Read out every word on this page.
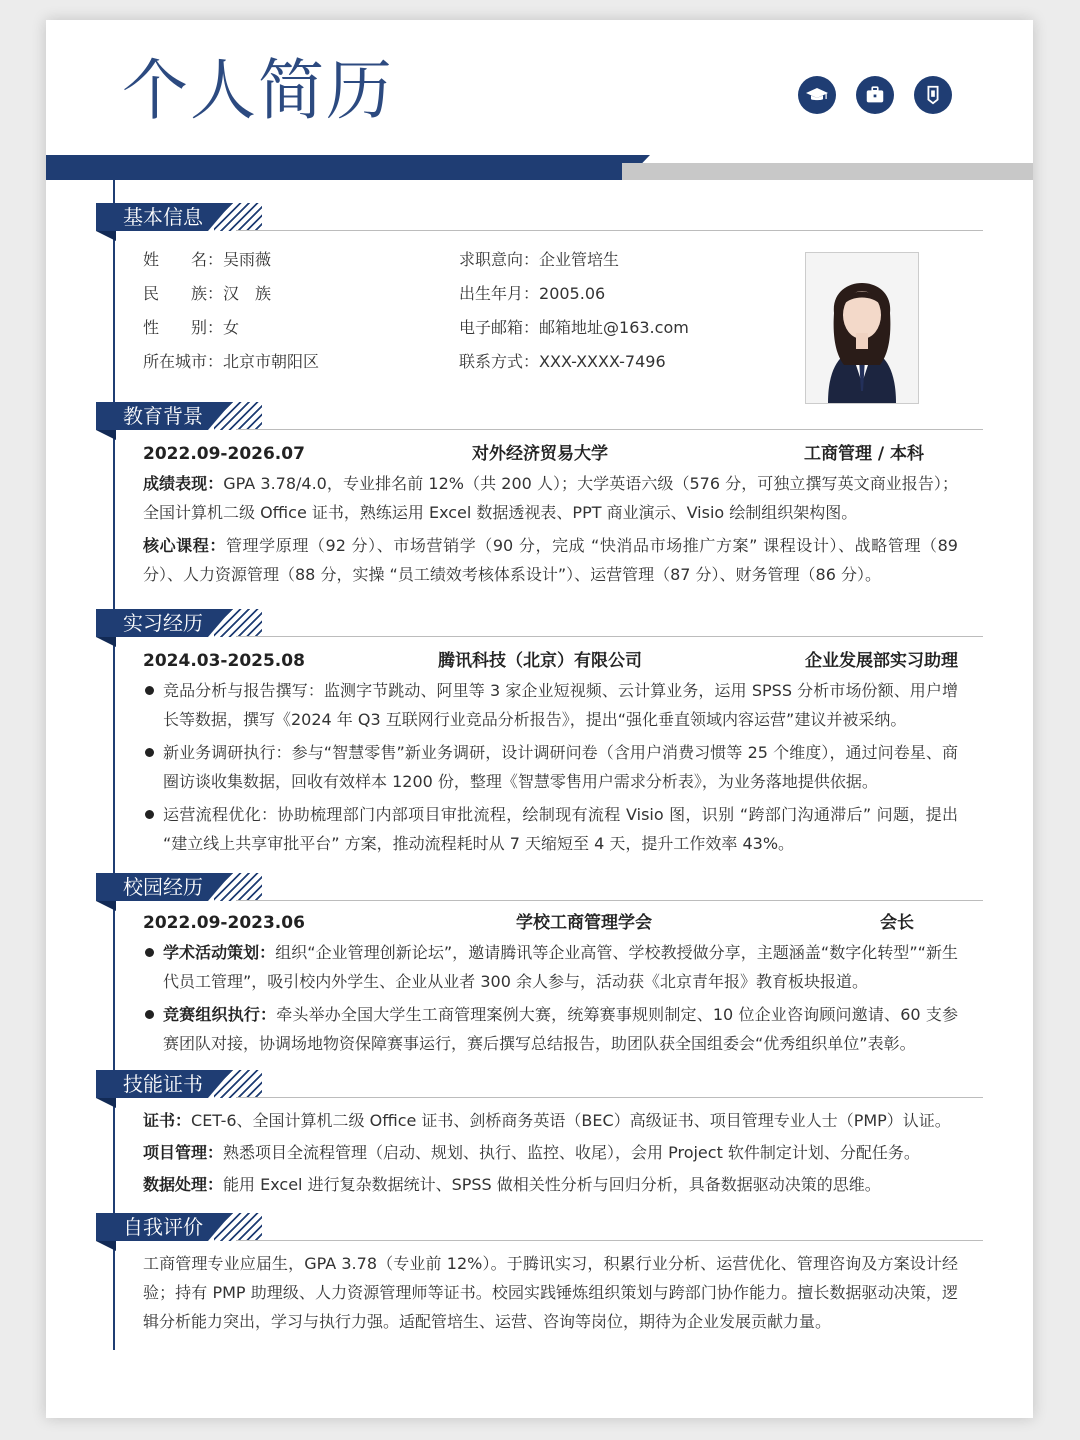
个人简历
基本信息
姓　　名：吴雨薇
民　　族：汉　族
性　　别：女
所在城市：北京市朝阳区
求职意向：企业管培生
出生年月：2005.06
电子邮箱：邮箱地址@163.com
联系方式：XXX-XXXX-7496
教育背景
2022.09-2026.07	对外经济贸易大学	工商管理 / 本科
成绩表现：GPA 3.78/4.0，专业排名前 12%（共 200 人）；大学英语六级（576 分，可独立撰写英文商业报告）；全国计算机二级 Office 证书，熟练运用 Excel 数据透视表、PPT 商业演示、Visio 绘制组织架构图。
核心课程：管理学原理（92 分）、市场营销学（90 分，完成 “快消品市场推广方案” 课程设计）、战略管理（89 分）、人力资源管理（88 分，实操 “员工绩效考核体系设计”）、运营管理（87 分）、财务管理（86 分）。
实习经历
2024.03-2025.08	腾讯科技（北京）有限公司	企业发展部实习助理
竞品分析与报告撰写：监测字节跳动、阿里等 3 家企业短视频、云计算业务，运用 SPSS 分析市场份额、用户增长等数据，撰写《2024 年 Q3 互联网行业竞品分析报告》，提出“强化垂直领域内容运营”建议并被采纳。
新业务调研执行：参与“智慧零售”新业务调研，设计调研问卷（含用户消费习惯等 25 个维度），通过问卷星、商圈访谈收集数据，回收有效样本 1200 份，整理《智慧零售用户需求分析表》，为业务落地提供依据。
运营流程优化：协助梳理部门内部项目审批流程，绘制现有流程 Visio 图，识别 “跨部门沟通滞后” 问题，提出 “建立线上共享审批平台” 方案，推动流程耗时从 7 天缩短至 4 天，提升工作效率 43%。
校园经历
2022.09-2023.06	学校工商管理学会	会长
学术活动策划：组织“企业管理创新论坛”，邀请腾讯等企业高管、学校教授做分享，主题涵盖“数字化转型”“新生代员工管理”，吸引校内外学生、企业从业者 300 余人参与，活动获《北京青年报》教育板块报道。
竞赛组织执行：牵头举办全国大学生工商管理案例大赛，统筹赛事规则制定、10 位企业咨询顾问邀请、60 支参赛团队对接，协调场地物资保障赛事运行，赛后撰写总结报告，助团队获全国组委会“优秀组织单位”表彰。
技能证书
证书：CET-6、全国计算机二级 Office 证书、剑桥商务英语（BEC）高级证书、项目管理专业人士（PMP）认证。
项目管理：熟悉项目全流程管理（启动、规划、执行、监控、收尾），会用 Project 软件制定计划、分配任务。
数据处理：能用 Excel 进行复杂数据统计、SPSS 做相关性分析与回归分析，具备数据驱动决策的思维。
自我评价
工商管理专业应届生，GPA 3.78（专业前 12%）。于腾讯实习，积累行业分析、运营优化、管理咨询及方案设计经验；持有 PMP 助理级、人力资源管理师等证书。校园实践锤炼组织策划与跨部门协作能力。擅长数据驱动决策，逻辑分析能力突出，学习与执行力强。适配管培生、运营、咨询等岗位，期待为企业发展贡献力量。
